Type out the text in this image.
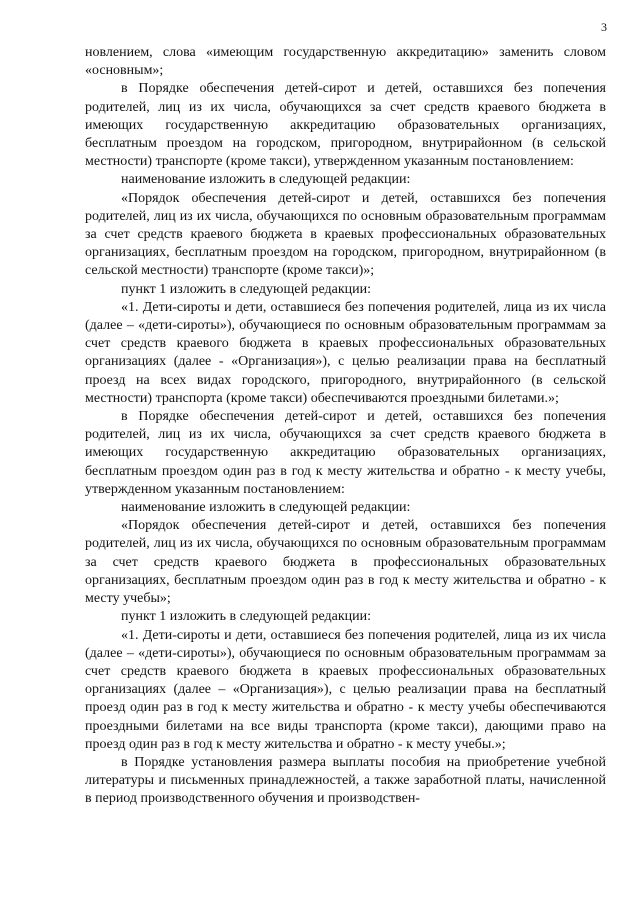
3

новлением, слова «имеющим государственную аккредитацию» заменить словом «основным»;

в Порядке обеспечения детей-сирот и детей, оставшихся без попечения родителей, лиц из их числа, обучающихся за счет средств краевого бюджета в имеющих государственную аккредитацию образовательных организациях, бесплатным проездом на городском, пригородном, внутрирайонном (в сельской местности) транспорте (кроме такси), утвержденном указанным постановлением:

наименование изложить в следующей редакции:

«Порядок обеспечения детей-сирот и детей, оставшихся без попечения родителей, лиц из их числа, обучающихся по основным образовательным программам за счет средств краевого бюджета в краевых профессиональных образовательных организациях, бесплатным проездом на городском, пригородном, внутрирайонном (в сельской местности) транспорте (кроме такси)»;

пункт 1 изложить в следующей редакции:

«1. Дети-сироты и дети, оставшиеся без попечения родителей, лица из их числа (далее – «дети-сироты»), обучающиеся по основным образовательным программам за счет средств краевого бюджета в краевых профессиональных образовательных организациях (далее - «Организация»), с целью реализации права на бесплатный проезд на всех видах городского, пригородного, внутрирайонного (в сельской местности) транспорта (кроме такси) обеспечиваются проездными билетами.»;

в Порядке обеспечения детей-сирот и детей, оставшихся без попечения родителей, лиц из их числа, обучающихся за счет средств краевого бюджета в имеющих государственную аккредитацию образовательных организациях, бесплатным проездом один раз в год к месту жительства и обратно - к месту учебы, утвержденном указанным постановлением:

наименование изложить в следующей редакции:

«Порядок обеспечения детей-сирот и детей, оставшихся без попечения родителей, лиц из их числа, обучающихся по основным образовательным программам за счет средств краевого бюджета в профессиональных образовательных организациях, бесплатным проездом один раз в год к месту жительства и обратно - к месту учебы»;

пункт 1 изложить в следующей редакции:

«1. Дети-сироты и дети, оставшиеся без попечения родителей, лица из их числа (далее – «дети-сироты»), обучающиеся по основным образовательным программам за счет средств краевого бюджета в краевых профессиональных образовательных организациях (далее – «Организация»), с целью реализации права на бесплатный проезд один раз в год к месту жительства и обратно - к месту учебы обеспечиваются проездными билетами на все виды транспорта (кроме такси), дающими право на проезд один раз в год к месту жительства и обратно - к месту учебы.»;

в Порядке установления размера выплаты пособия на приобретение учебной литературы и письменных принадлежностей, а также заработной платы, начисленной в период производственного обучения и производствен-
